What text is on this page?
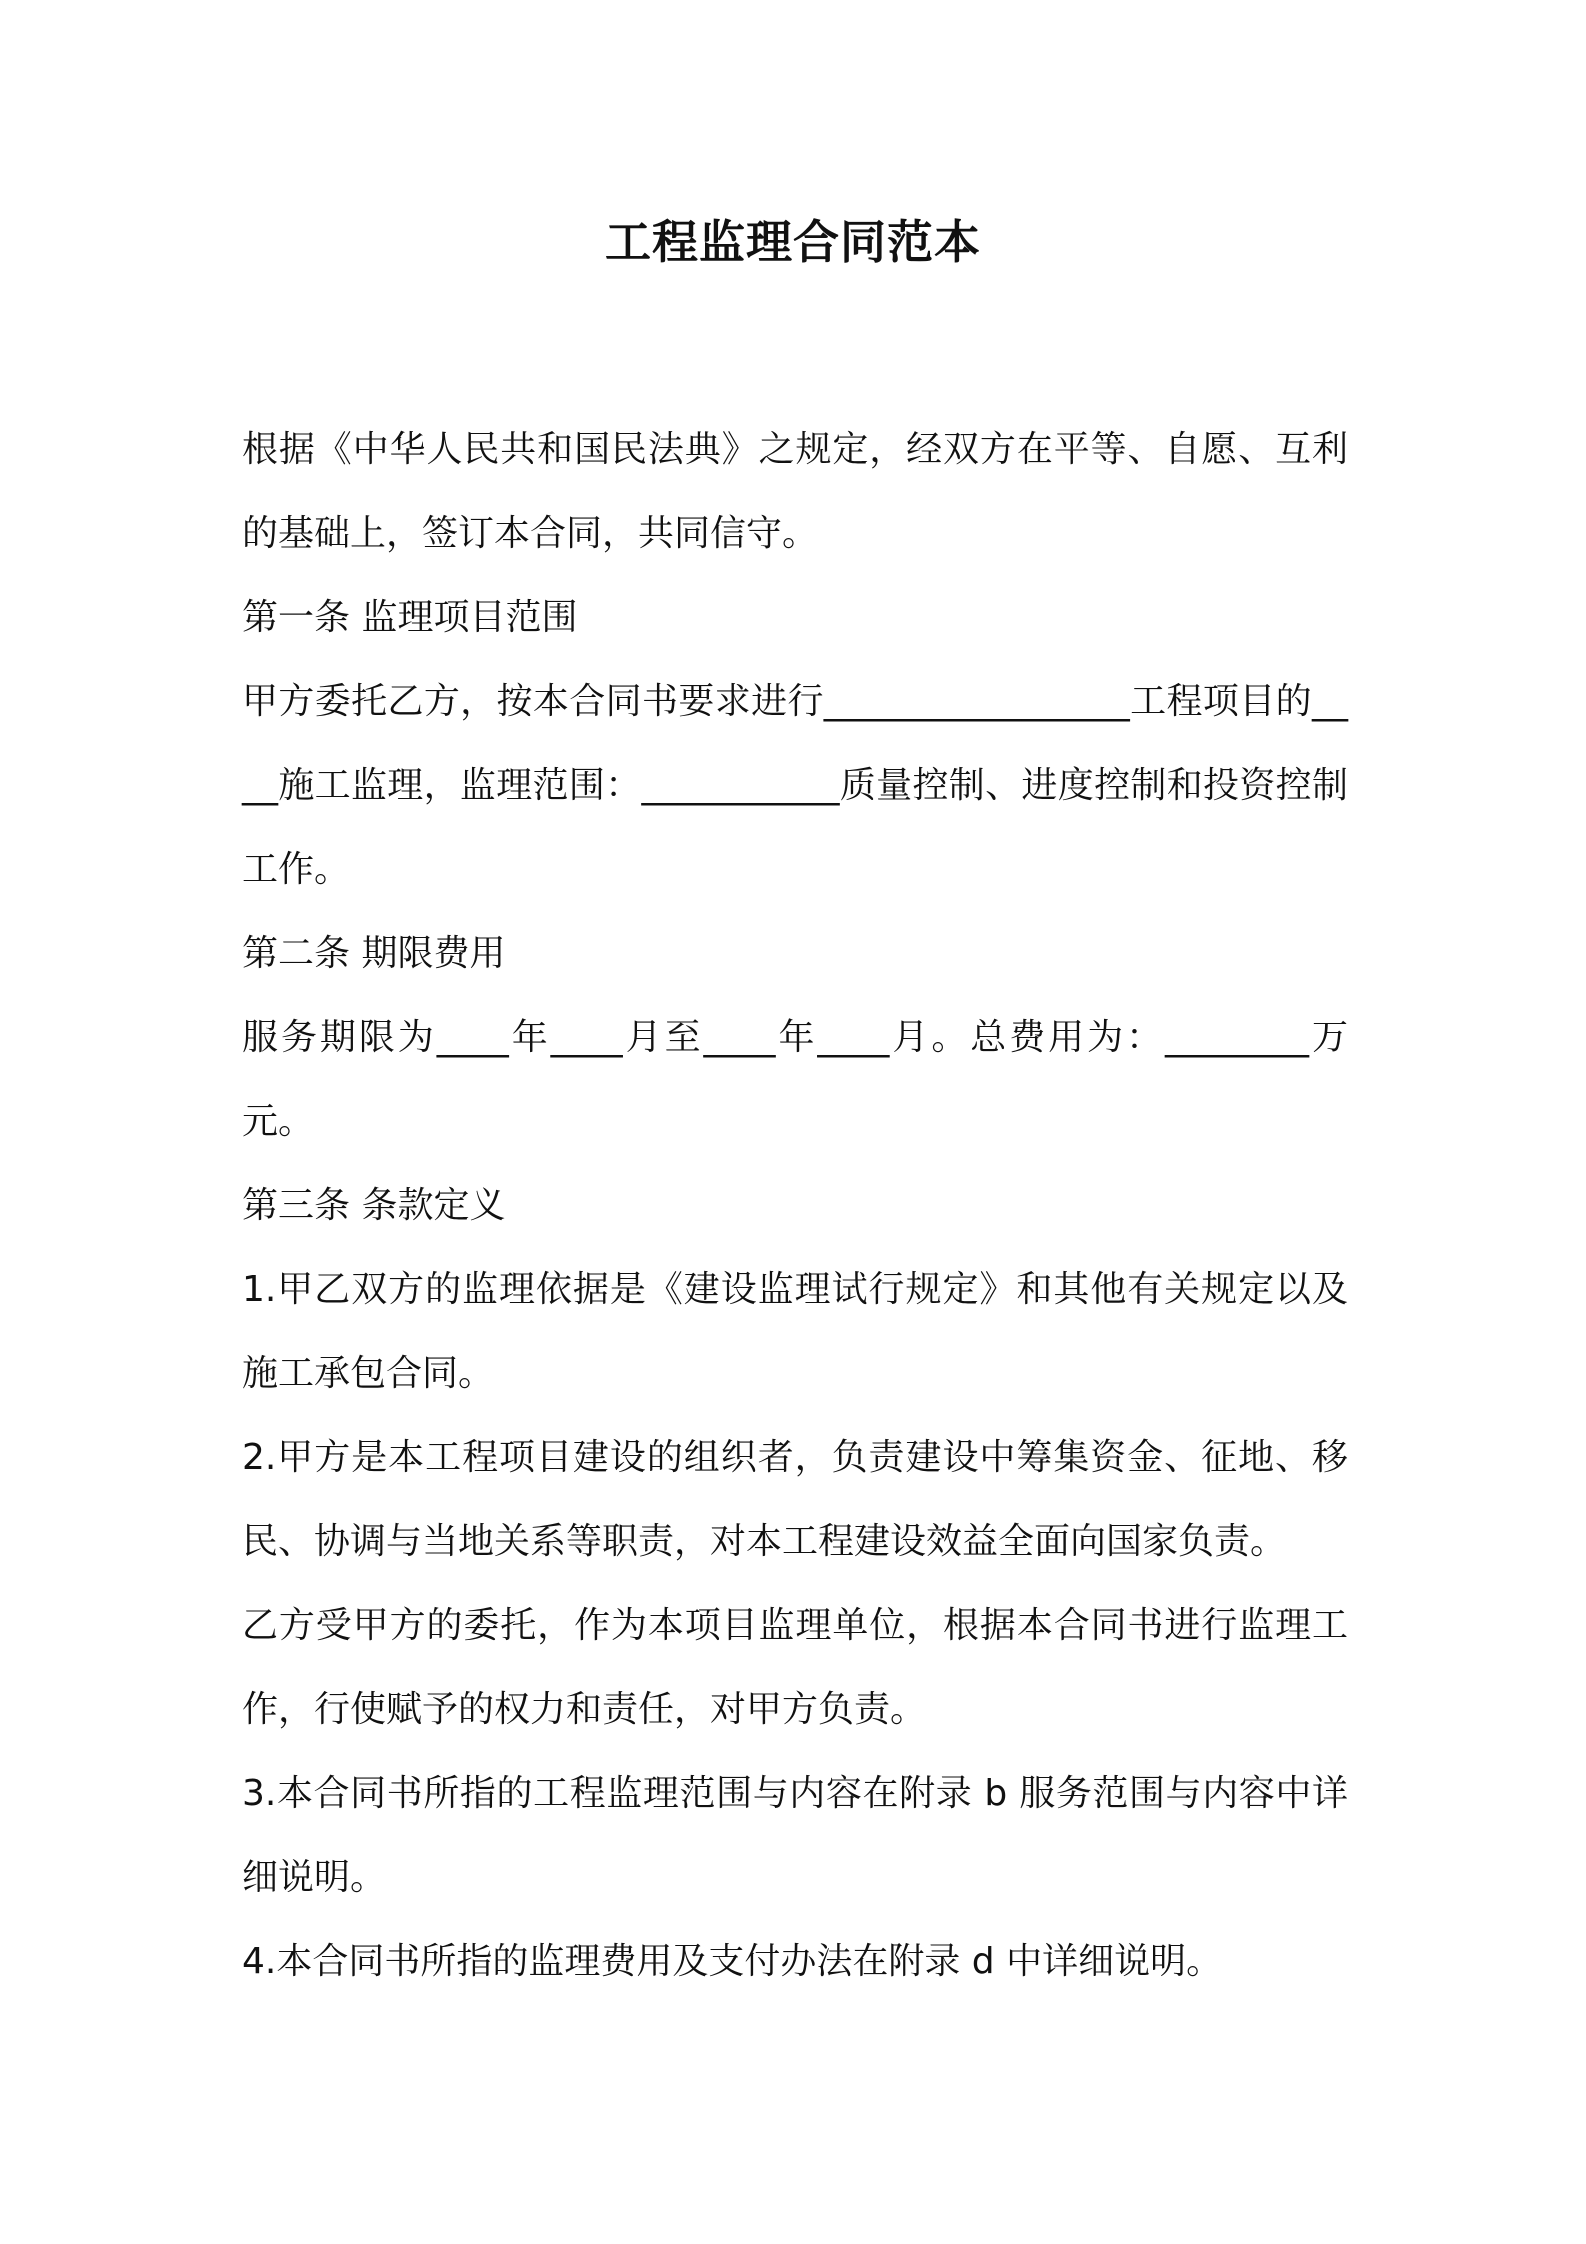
工程监理合同范本

根据《中华人民共和国民法典》之规定，经双方在平等、自愿、互利的基础上，签订本合同，共同信守。

第一条 监理项目范围

甲方委托乙方，按本合同书要求进行_________________工程项目的____施工监理，监理范围：___________质量控制、进度控制和投资控制工作。

第二条 期限费用

服务期限为____年____月至____年____月。总费用为：________万元。

第三条 条款定义

1.甲乙双方的监理依据是《建设监理试行规定》和其他有关规定以及施工承包合同。

2.甲方是本工程项目建设的组织者，负责建设中筹集资金、征地、移民、协调与当地关系等职责，对本工程建设效益全面向国家负责。

乙方受甲方的委托，作为本项目监理单位，根据本合同书进行监理工作，行使赋予的权力和责任，对甲方负责。

3.本合同书所指的工程监理范围与内容在附录 b 服务范围与内容中详细说明。

4.本合同书所指的监理费用及支付办法在附录 d 中详细说明。
